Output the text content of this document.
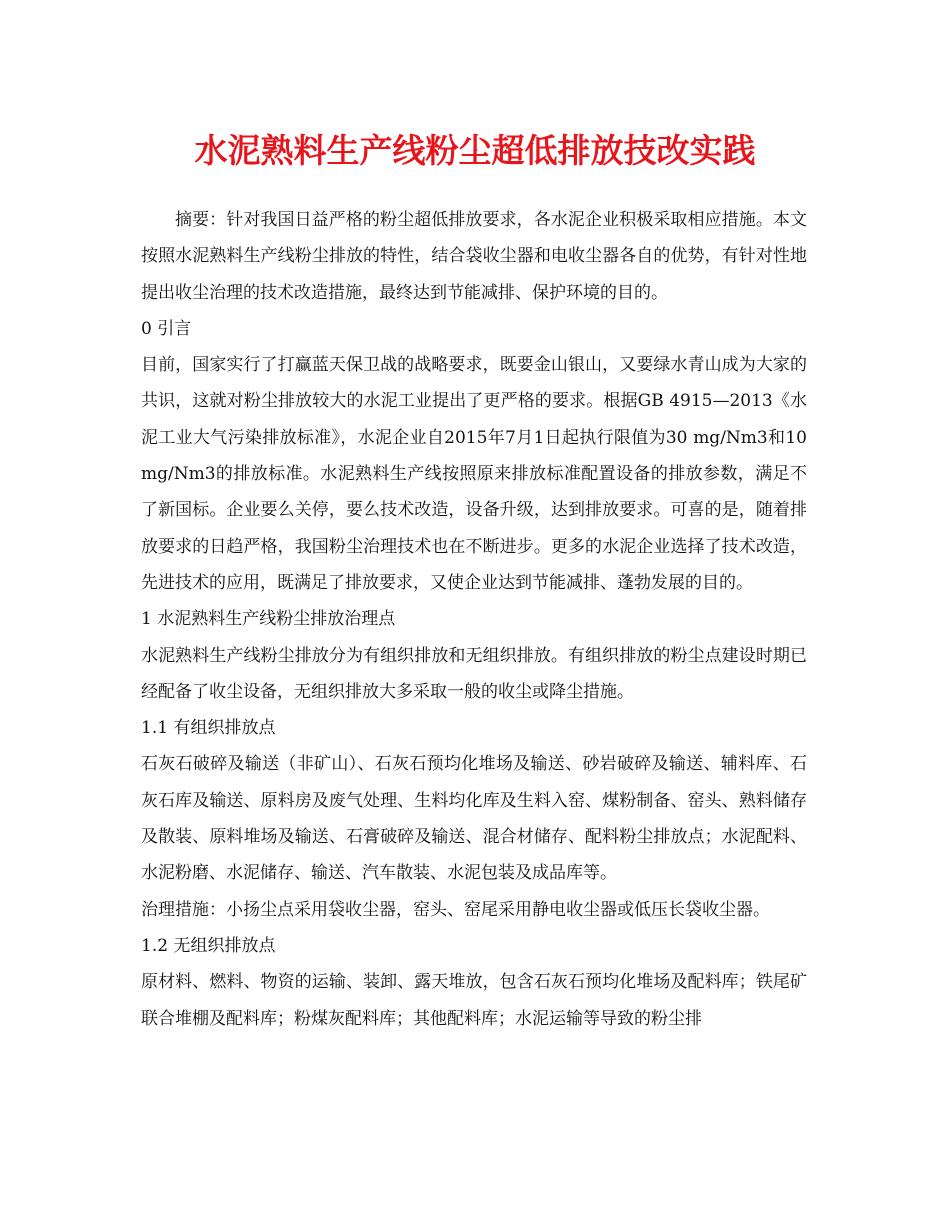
水泥熟料生产线粉尘超低排放技改实践

摘要：针对我国日益严格的粉尘超低排放要求，各水泥企业积极采取相应措施。本文按照水泥熟料生产线粉尘排放的特性，结合袋收尘器和电收尘器各自的优势，有针对性地提出收尘治理的技术改造措施，最终达到节能减排、保护环境的目的。

0 引言

目前，国家实行了打赢蓝天保卫战的战略要求，既要金山银山，又要绿水青山成为大家的共识，这就对粉尘排放较大的水泥工业提出了更严格的要求。根据GB 4915—2013《水泥工业大气污染排放标准》，水泥企业自2015年7月1日起执行限值为30 mg/Nm3和10 mg/Nm3的排放标准。水泥熟料生产线按照原来排放标准配置设备的排放参数，满足不了新国标。企业要么关停，要么技术改造，设备升级，达到排放要求。可喜的是，随着排放要求的日趋严格，我国粉尘治理技术也在不断进步。更多的水泥企业选择了技术改造，先进技术的应用，既满足了排放要求，又使企业达到节能减排、蓬勃发展的目的。

1 水泥熟料生产线粉尘排放治理点

水泥熟料生产线粉尘排放分为有组织排放和无组织排放。有组织排放的粉尘点建设时期已经配备了收尘设备，无组织排放大多采取一般的收尘或降尘措施。

1.1 有组织排放点

石灰石破碎及输送（非矿山）、石灰石预均化堆场及输送、砂岩破碎及输送、辅料库、石灰石库及输送、原料房及废气处理、生料均化库及生料入窑、煤粉制备、窑头、熟料储存及散装、原料堆场及输送、石膏破碎及输送、混合材储存、配料粉尘排放点；水泥配料、水泥粉磨、水泥储存、输送、汽车散装、水泥包装及成品库等。

治理措施：小扬尘点采用袋收尘器，窑头、窑尾采用静电收尘器或低压长袋收尘器。

1.2 无组织排放点

原材料、燃料、物资的运输、装卸、露天堆放，包含石灰石预均化堆场及配料库；铁尾矿联合堆棚及配料库；粉煤灰配料库；其他配料库；水泥运输等导致的粉尘排
